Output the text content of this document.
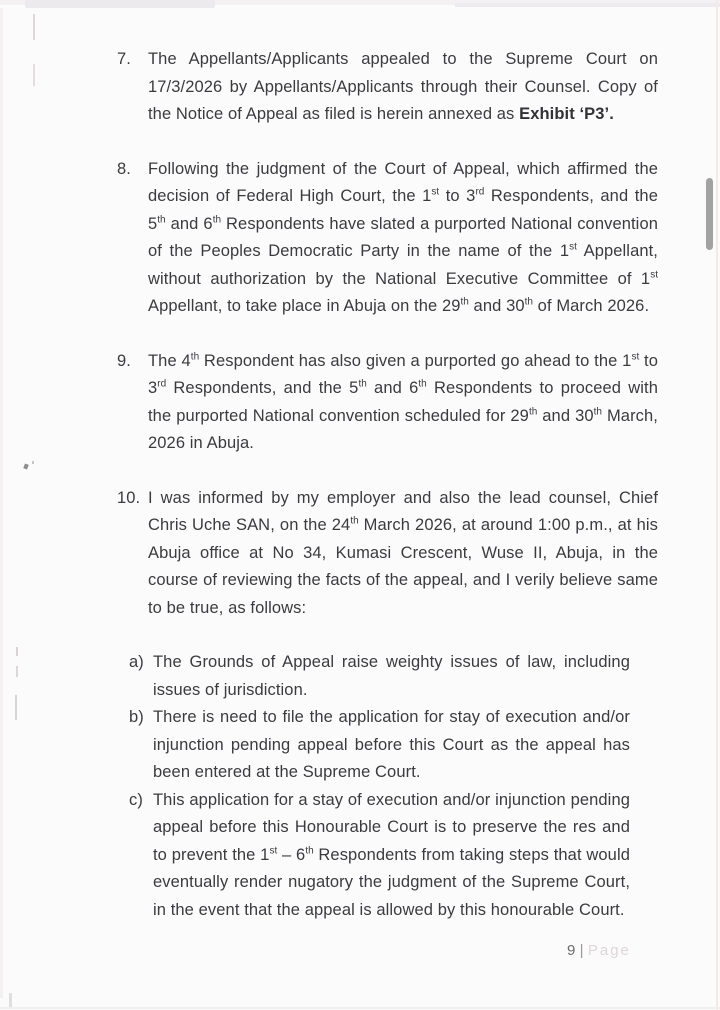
7.	The Appellants/Applicants appealed to the Supreme Court on 17/3/2026 by Appellants/Applicants through their Counsel. Copy of the Notice of Appeal as filed is herein annexed as Exhibit ‘P3’.

8.	Following the judgment of the Court of Appeal, which affirmed the decision of Federal High Court, the 1st to 3rd Respondents, and the 5th and 6th Respondents have slated a purported National convention of the Peoples Democratic Party in the name of the 1st Appellant, without authorization by the National Executive Committee of 1st Appellant, to take place in Abuja on the 29th and 30th of March 2026.

9.	The 4th Respondent has also given a purported go ahead to the 1st to 3rd Respondents, and the 5th and 6th Respondents to proceed with the purported National convention scheduled for 29th and 30th March, 2026 in Abuja.

10. I was informed by my employer and also the lead counsel, Chief Chris Uche SAN, on the 24th March 2026, at around 1:00 p.m., at his Abuja office at No 34, Kumasi Crescent, Wuse II, Abuja, in the course of reviewing the facts of the appeal, and I verily believe same to be true, as follows:

a) The Grounds of Appeal raise weighty issues of law, including issues of jurisdiction.

b) There is need to file the application for stay of execution and/or injunction pending appeal before this Court as the appeal has been entered at the Supreme Court.

c) This application for a stay of execution and/or injunction pending appeal before this Honourable Court is to preserve the res and to prevent the 1st – 6th Respondents from taking steps that would eventually render nugatory the judgment of the Supreme Court, in the event that the appeal is allowed by this honourable Court.

9 | Page
